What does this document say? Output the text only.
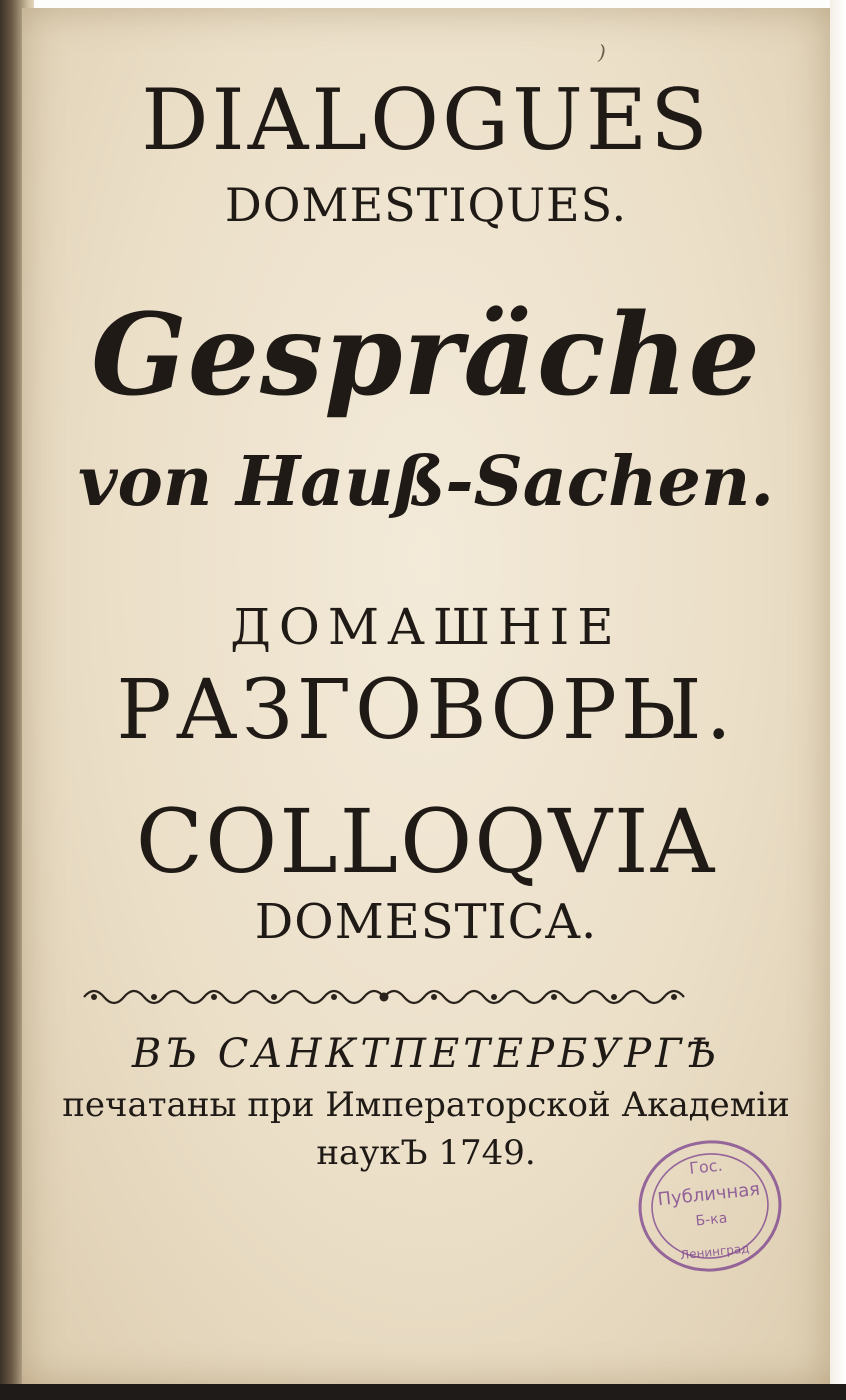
)

DIALOGUES

DOMESTIQUES.

Gespräche

von Hauß-Sachen.

ДОМАШНІЕ

РАЗГОВОРЫ.

COLLOQVIA

DOMESTICA.

ВЪ САНКТПЕТЕРБУРГѢ

печатаны при Императорской Академіи

наукЪ 1749.	Гос.
Публичная
Б-ка
Ленинград
